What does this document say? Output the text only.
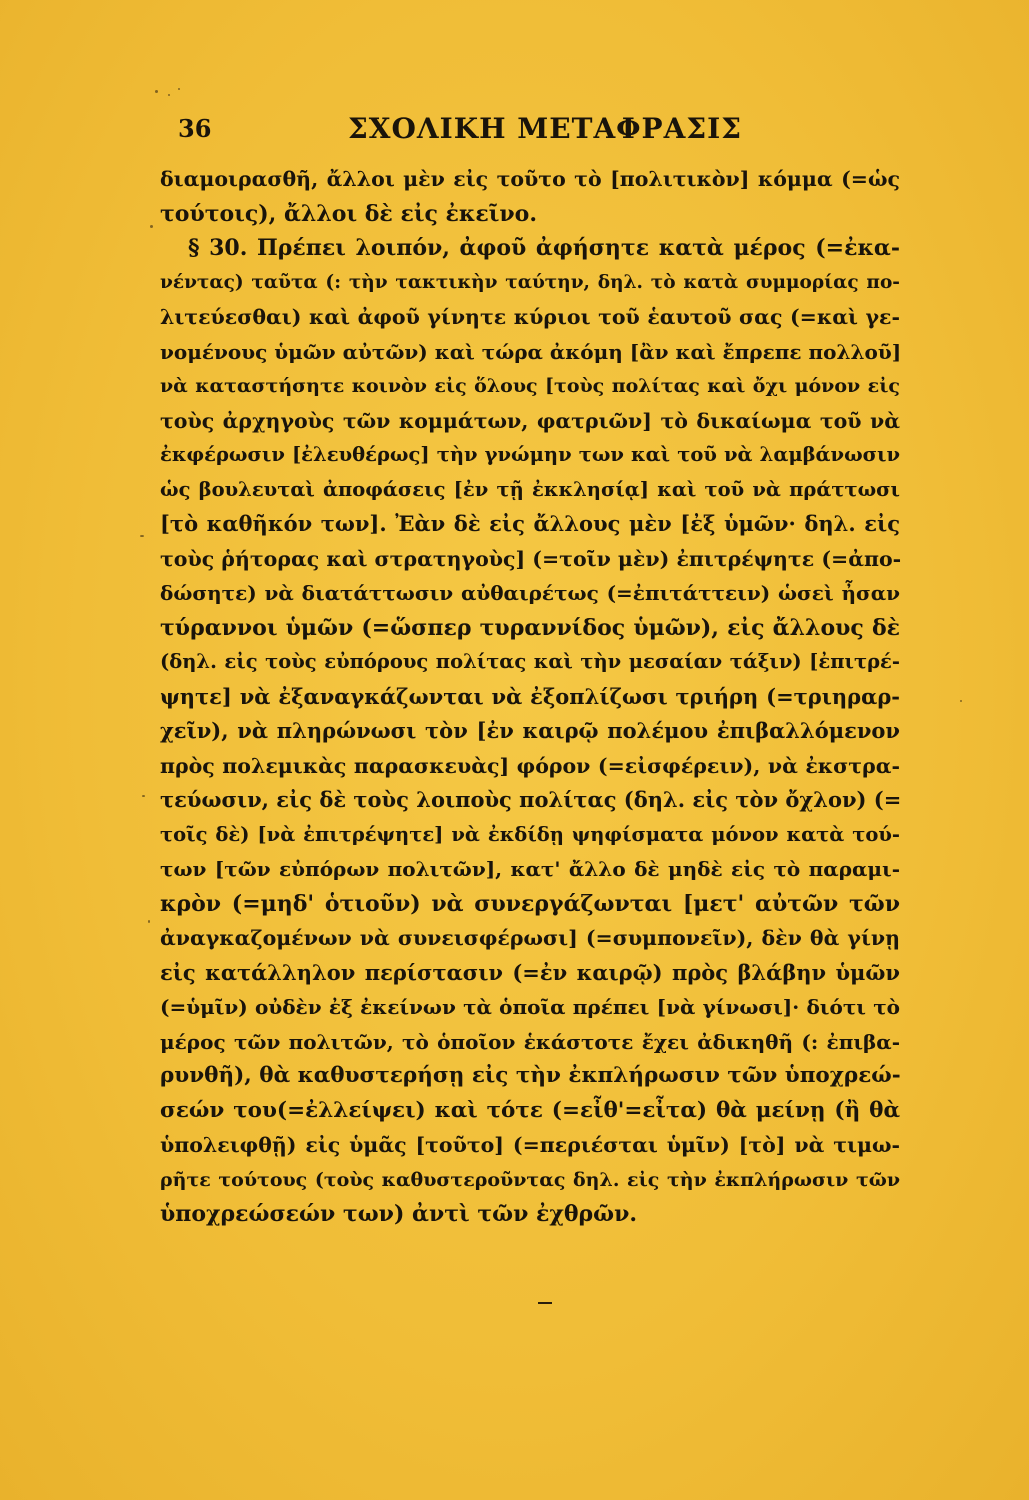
36	ΣΧΟΛΙΚΗ ΜΕΤΑΦΡΑΣΙΣ
διαμοιρασθῆ, ἄλλοι μὲν εἰς τοῦτο τὸ [πολιτικὸν] κόμμα (=ὡς
τούτοις), ἄλλοι δὲ εἰς ἐκεῖνο.
§ 30. Πρέπει λοιπόν, ἀφοῦ ἀφήσητε κατὰ μέρος (=ἐκα-
νέντας) ταῦτα (: τὴν τακτικὴν ταύτην, δηλ. τὸ κατὰ συμμορίας πο-
λιτεύεσθαι) καὶ ἀφοῦ γίνητε κύριοι τοῦ ἑαυτοῦ σας (=καὶ γε-
νομένους ὑμῶν αὐτῶν) καὶ τώρα ἀκόμη [ἂν καὶ ἔπρεπε πολλοῦ]
νὰ καταστήσητε κοινὸν εἰς ὅλους [τοὺς πολίτας καὶ ὄχι μόνον εἰς
τοὺς ἀρχηγοὺς τῶν κομμάτων, φατριῶν] τὸ δικαίωμα τοῦ νὰ
ἐκφέρωσιν [ἐλευθέρως] τὴν γνώμην των καὶ τοῦ νὰ λαμβάνωσιν
ὡς βουλευταὶ ἀποφάσεις [ἐν τῇ ἐκκλησίᾳ] καὶ τοῦ νὰ πράττωσι
[τὸ καθῆκόν των]. Ἐὰν δὲ εἰς ἄλλους μὲν [ἐξ ὑμῶν· δηλ. εἰς
τοὺς ῥήτορας καὶ στρατηγοὺς] (=τοῖν μὲν) ἐπιτρέψητε (=ἀπο-
δώσητε) νὰ διατάττωσιν αὐθαιρέτως (=ἐπιτάττειν) ὡσεὶ ἦσαν
τύραννοι ὑμῶν (=ὥσπερ τυραννίδος ὑμῶν), εἰς ἄλλους δὲ
(δηλ. εἰς τοὺς εὐπόρους πολίτας καὶ τὴν μεσαίαν τάξιν) [ἐπιτρέ-
ψητε] νὰ ἐξαναγκάζωνται νὰ ἐξοπλίζωσι τριήρη (=τριηραρ-
χεῖν), νὰ πληρώνωσι τὸν [ἐν καιρῷ πολέμου ἐπιβαλλόμενον
πρὸς πολεμικὰς παρασκευὰς] φόρον (=εἰσφέρειν), νὰ ἐκστρα-
τεύωσιν, εἰς δὲ τοὺς λοιποὺς πολίτας (δηλ. εἰς τὸν ὄχλον) (=
τοῖς δὲ) [νὰ ἐπιτρέψητε] νὰ ἐκδίδῃ ψηφίσματα μόνον κατὰ τού-
των [τῶν εὐπόρων πολιτῶν], κατ' ἄλλο δὲ μηδὲ εἰς τὸ παραμι-
κρὸν (=μηδ' ὁτιοῦν) νὰ συνεργάζωνται [μετ' αὐτῶν τῶν
ἀναγκαζομένων νὰ συνεισφέρωσι] (=συμπονεῖν), δὲν θὰ γίνῃ
εἰς κατάλληλον περίστασιν (=ἐν καιρῷ) πρὸς βλάβην ὑμῶν
(=ὑμῖν) οὐδὲν ἐξ ἐκείνων τὰ ὁποῖα πρέπει [νὰ γίνωσι]· διότι τὸ
μέρος τῶν πολιτῶν, τὸ ὁποῖον ἑκάστοτε ἔχει ἀδικηθῆ (: ἐπιβα-
ρυνθῆ), θὰ καθυστερήσῃ εἰς τὴν ἐκπλήρωσιν τῶν ὑποχρεώ-
σεών του(=ἐλλείψει) καὶ τότε (=εἶθ'=εἶτα) θὰ μείνῃ (ἢ θὰ
ὑπολειφθῇ) εἰς ὑμᾶς [τοῦτο] (=περιέσται ὑμῖν) [τὸ] νὰ τιμω-
ρῆτε τούτους (τοὺς καθυστεροῦντας δηλ. εἰς τὴν ἐκπλήρωσιν τῶν
ὑποχρεώσεών των) ἀντὶ τῶν ἐχθρῶν.
